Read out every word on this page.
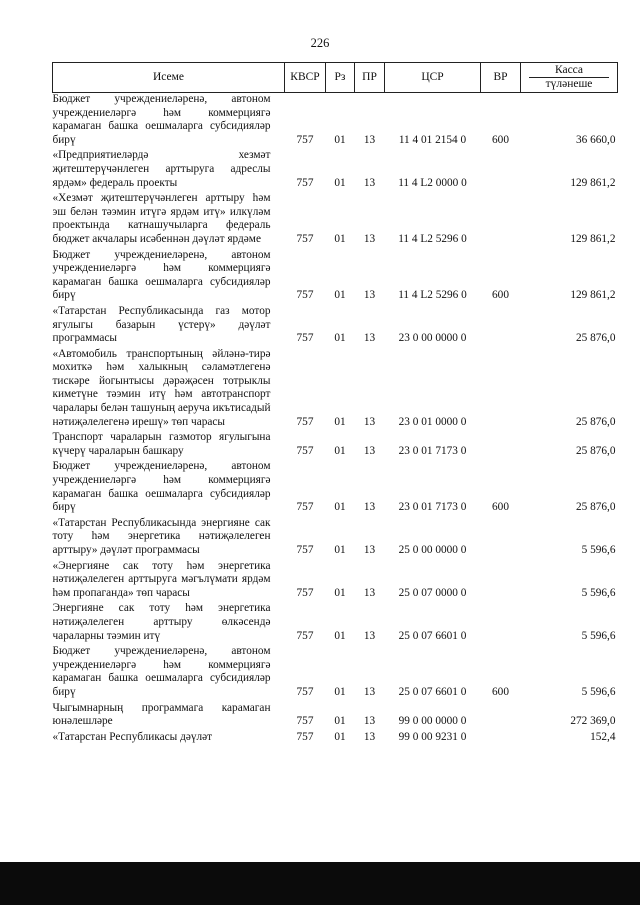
226
Исеме	КВСР	Рз	ПР	ЦСР	ВР	Касса
түләнеше

Бюджет учреждениеләренә, автоном учреждениеләргә һәм коммерциягә карамаган башка оешмаларга субсидияләр бирү	757	01	13	11 4 01 2154 0	600	36 660,0

«Предприятиеләрдә хезмәт җитештерүчәнлеген арттыруга адреслы ярдәм» федераль проекты	757	01	13	11 4 L2 0000 0		129 861,2

«Хезмәт җитештерүчәнлеген арттыру һәм эш белән тәэмин итүгә ярдәм итү» илкүләм проектында катнашучыларга федераль бюджет акчалары исәбеннән дәүләт ярдәме	757	01	13	11 4 L2 5296 0		129 861,2

Бюджет учреждениеләренә, автоном учреждениеләргә һәм коммерциягә карамаган башка оешмаларга субсидияләр бирү	757	01	13	11 4 L2 5296 0	600	129 861,2

«Татарстан Республикасында газ мотор ягулыгы базарын үстерү» дәүләт программасы	757	01	13	23 0 00 0000 0		25 876,0

«Автомобиль транспортының әйләнә-тирә мохиткә һәм халыкның сәламәтлегенә тискәре йогынтысы дәрәҗәсен тотрыклы киметүне тәэмин итү һәм автотранспорт чаралары белән ташуның аеруча икътисадый нәтиҗәлелегенә ирешү» төп чарасы	757	01	13	23 0 01 0000 0		25 876,0

Транспорт чараларын газмотор ягулыгына күчерү чараларын башкару	757	01	13	23 0 01 7173 0		25 876,0

Бюджет учреждениеләренә, автоном учреждениеләргә һәм коммерциягә карамаган башка оешмаларга субсидияләр бирү	757	01	13	23 0 01 7173 0	600	25 876,0

«Татарстан Республикасында энергияне сак тоту һәм энергетика нәтиҗәлелеген арттыру» дәүләт программасы	757	01	13	25 0 00 0000 0		5 596,6

«Энергияне сак тоту һәм энергетика нәтиҗәлелеген арттыруга мәгълүмати ярдәм һәм пропаганда» төп чарасы	757	01	13	25 0 07 0000 0		5 596,6

Энергияне сак тоту һәм энергетика нәтиҗәлелеген арттыру өлкәсендә чараларны тәэмин итү	757	01	13	25 0 07 6601 0		5 596,6

Бюджет учреждениеләренә, автоном учреждениеләргә һәм коммерциягә карамаган башка оешмаларга субсидияләр бирү	757	01	13	25 0 07 6601 0	600	5 596,6

Чыгымнарның программага карамаган юнәлешләре	757	01	13	99 0 00 0000 0		272 369,0

«Татарстан Республикасы дәүләт	757	01	13	99 0 00 9231 0		152,4
